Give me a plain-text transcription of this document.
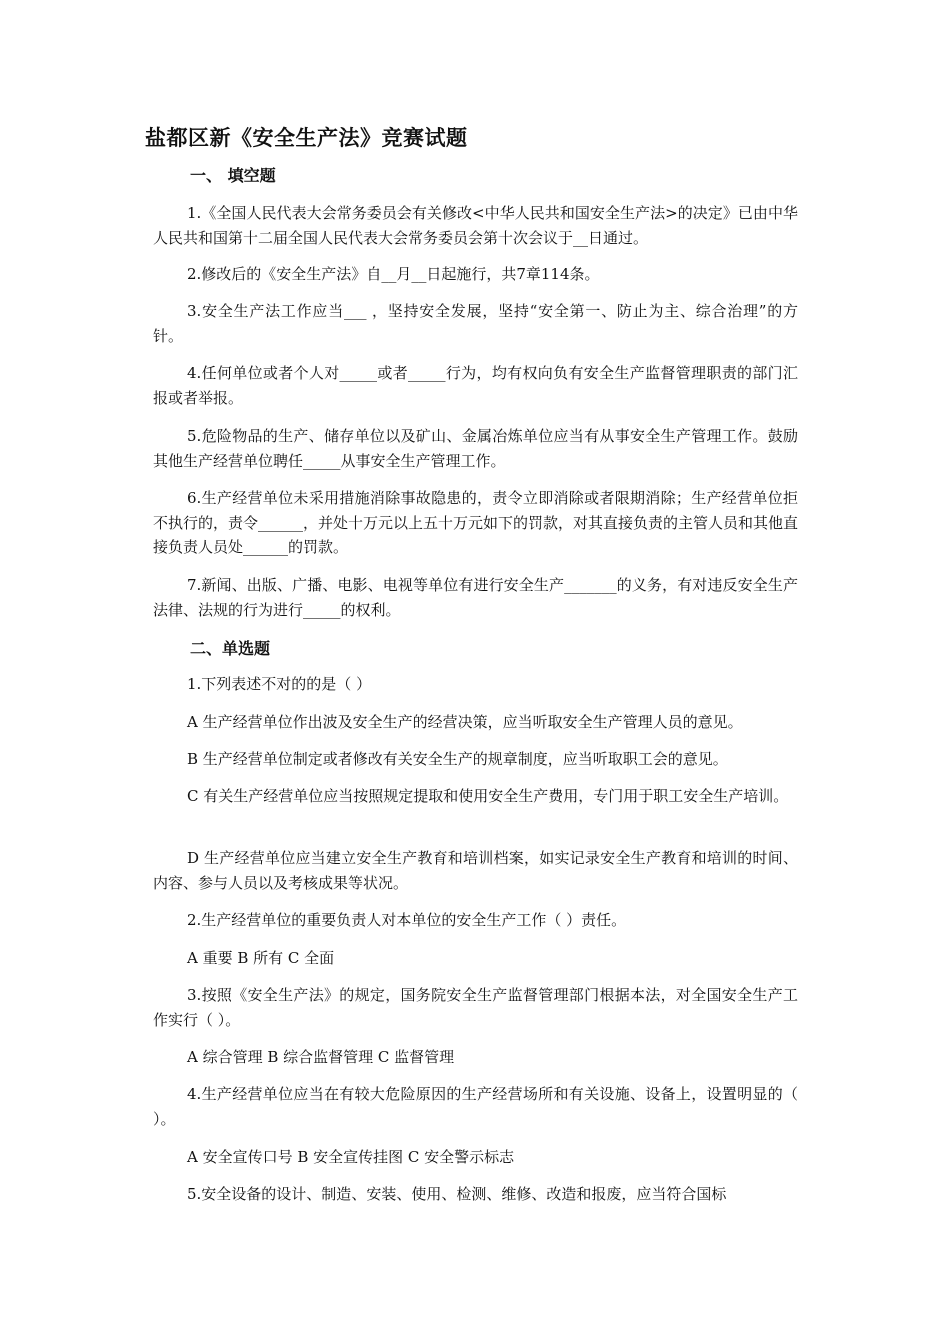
盐都区新《安全生产法》竞赛试题
一、 填空题
1.《全国人民代表大会常务委员会有关修改<中华人民共和国安全生产法>的决定》已由中华人民共和国第十二届全国人民代表大会常务委员会第十次会议于__日通过。
2.修改后的《安全生产法》自__月__日起施行，共7章114条。
3.安全生产法工作应当___ ，坚持安全发展，坚持“安全第一、防止为主、综合治理”的方针。
4.任何单位或者个人对_____或者_____行为，均有权向负有安全生产监督管理职责的部门汇报或者举报。
5.危险物品的生产、储存单位以及矿山、金属冶炼单位应当有从事安全生产管理工作。鼓励其他生产经营单位聘任_____从事安全生产管理工作。
6.生产经营单位未采用措施消除事故隐患的，责令立即消除或者限期消除；生产经营单位拒不执行的，责令______，并处十万元以上五十万元如下的罚款，对其直接负责的主管人员和其他直接负责人员处______的罚款。
7.新闻、出版、广播、电影、电视等单位有进行安全生产_______的义务，有对违反安全生产法律、法规的行为进行_____的权利。
二、单选题
1.下列表述不对的的是（ ）
A 生产经营单位作出波及安全生产的经营决策，应当听取安全生产管理人员的意见。
B 生产经营单位制定或者修改有关安全生产的规章制度，应当听取职工会的意见。
C 有关生产经营单位应当按照规定提取和使用安全生产费用，专门用于职工安全生产培训。
D 生产经营单位应当建立安全生产教育和培训档案，如实记录安全生产教育和培训的时间、内容、参与人员以及考核成果等状况。
2.生产经营单位的重要负责人对本单位的安全生产工作（ ）责任。
A 重要 B 所有 C 全面
3.按照《安全生产法》的规定，国务院安全生产监督管理部门根据本法，对全国安全生产工作实行（ ）。
A 综合管理 B 综合监督管理 C 监督管理
4.生产经营单位应当在有较大危险原因的生产经营场所和有关设施、设备上，设置明显的（ ）。
A 安全宣传口号 B 安全宣传挂图 C 安全警示标志
5.安全设备的设计、制造、安装、使用、检测、维修、改造和报废，应当符合国标
